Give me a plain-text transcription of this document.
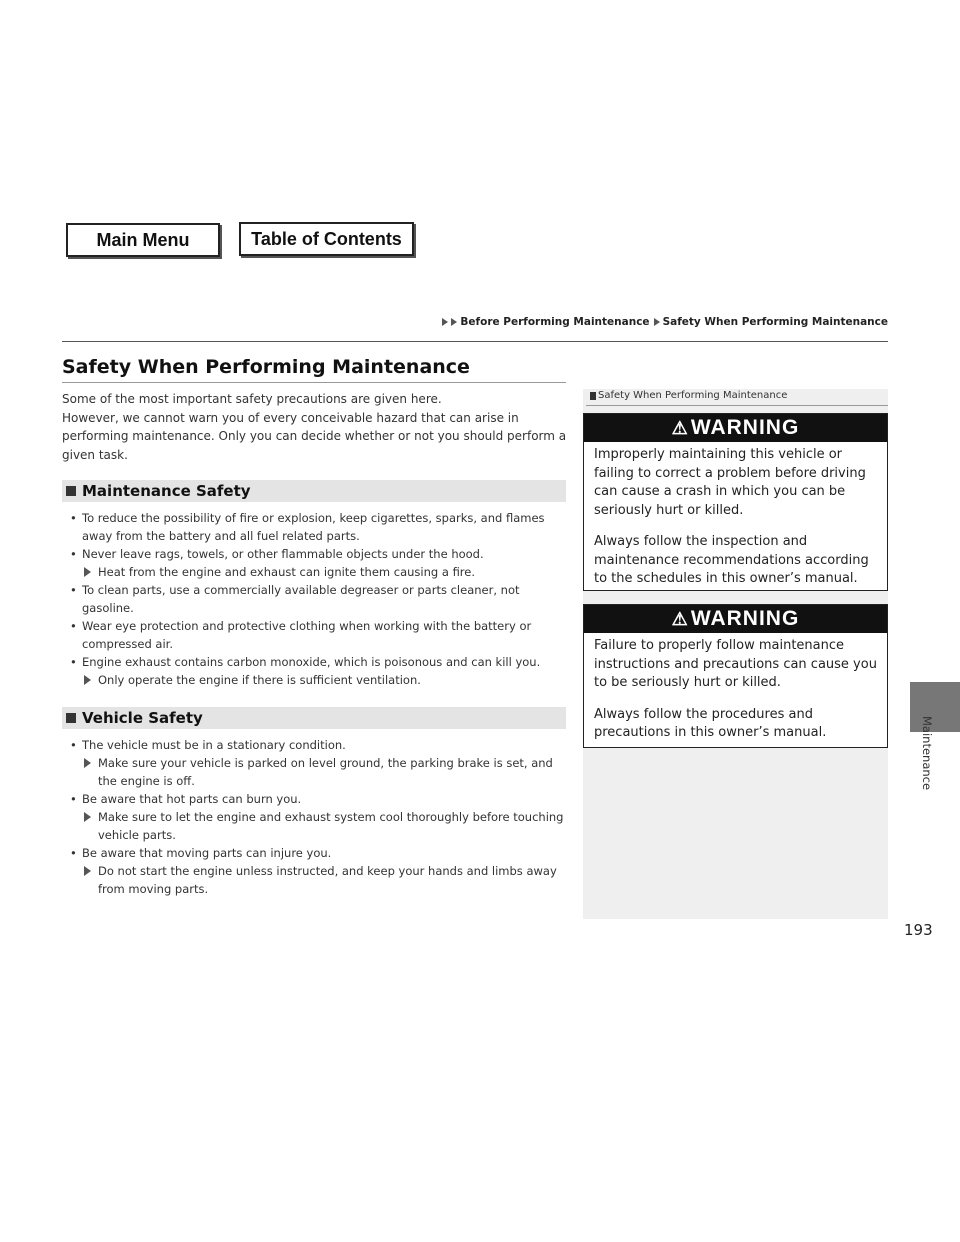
Main Menu	Table of Contents
Before Performing Maintenance Safety When Performing Maintenance
Safety When Performing Maintenance

Some of the most important safety precautions are given here.

However, we cannot warn you of every conceivable hazard that can arise in performing maintenance. Only you can decide whether or not you should perform a given task.

Maintenance Safety
• To reduce the possibility of fire or explosion, keep cigarettes, sparks, and flames away from the battery and all fuel related parts.
• Never leave rags, towels, or other flammable objects under the hood.
Heat from the engine and exhaust can ignite them causing a fire.
• To clean parts, use a commercially available degreaser or parts cleaner, not gasoline.
• Wear eye protection and protective clothing when working with the battery or compressed air.
• Engine exhaust contains carbon monoxide, which is poisonous and can kill you.
Only operate the engine if there is sufficient ventilation.
Vehicle Safety
• The vehicle must be in a stationary condition.
Make sure your vehicle is parked on level ground, the parking brake is set, and the engine is off.
• Be aware that hot parts can burn you.
Make sure to let the engine and exhaust system cool thoroughly before touching vehicle parts.
• Be aware that moving parts can injure you.
Do not start the engine unless instructed, and keep your hands and limbs away from moving parts.
Safety When Performing Maintenance
⚠ WARNING

Improperly maintaining this vehicle or failing to correct a problem before driving can cause a crash in which you can be seriously hurt or killed.

Always follow the inspection and maintenance recommendations according to the schedules in this owner’s manual.

⚠ WARNING

Failure to properly follow maintenance instructions and precautions can cause you to be seriously hurt or killed.

Always follow the procedures and precautions in this owner’s manual.	Maintenance
193
